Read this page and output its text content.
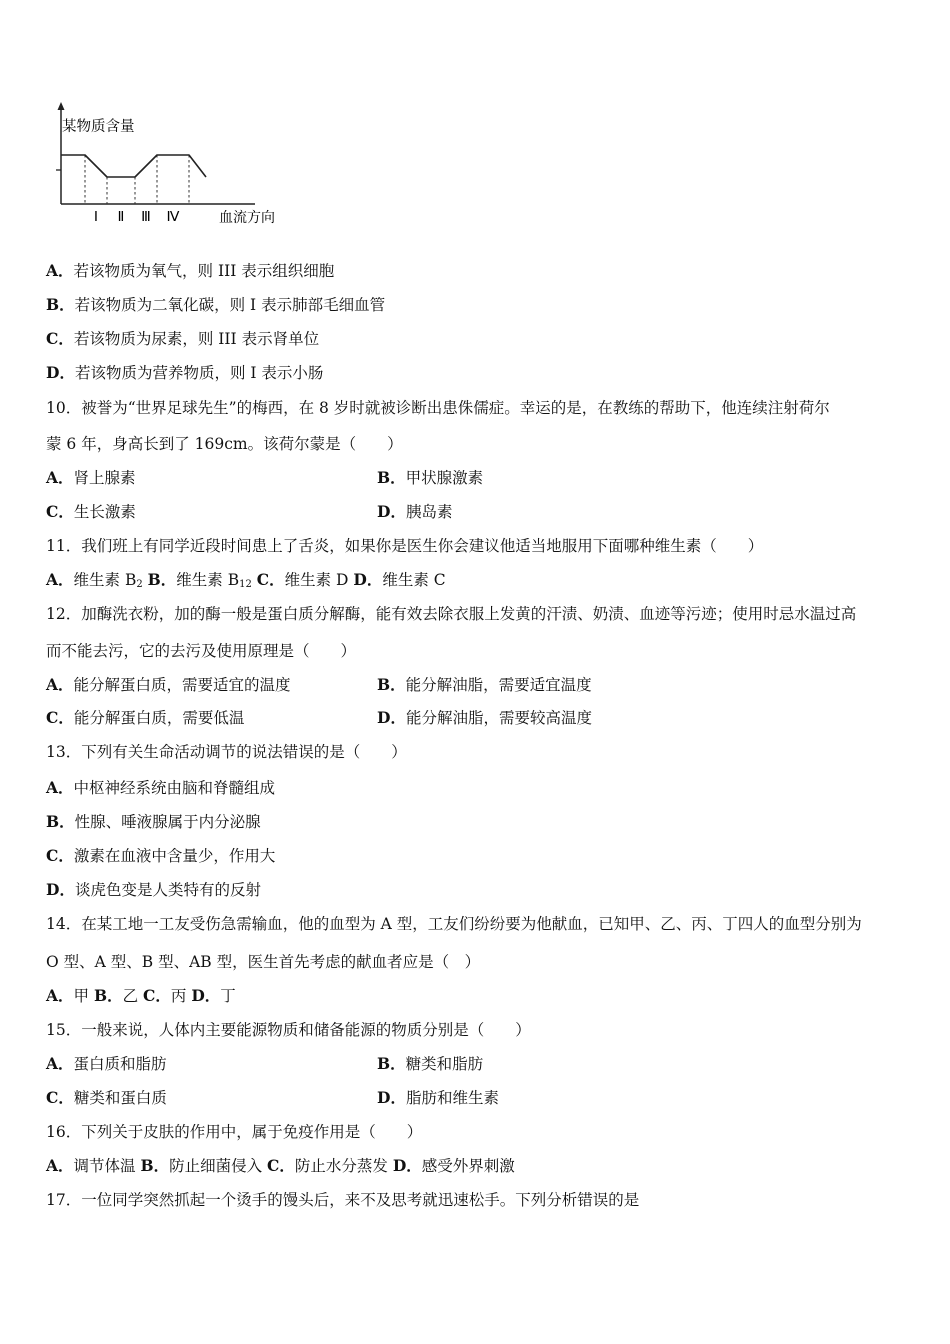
某物质含量
Ⅰ Ⅱ Ⅲ Ⅳ	血流方向
A．若该物质为氧气，则 III 表示组织细胞
B．若该物质为二氧化碳，则 I 表示肺部毛细血管
C．若该物质为尿素，则 III 表示肾单位
D．若该物质为营养物质，则 I 表示小肠
10．被誉为“世界足球先生”的梅西，在 8 岁时就被诊断出患侏儒症。幸运的是，在教练的帮助下，他连续注射荷尔
蒙 6 年，身高长到了 169cm。该荷尔蒙是（　　）
A．肾上腺素	B．甲状腺激素
C．生长激素	D．胰岛素
11．我们班上有同学近段时间患上了舌炎，如果你是医生你会建议他适当地服用下面哪种维生素（　　）
A．维生素 $B_2$ B．维生素 $B_{12}$ C．维生素 D D．维生素 C
12．加酶洗衣粉，加的酶一般是蛋白质分解酶，能有效去除衣服上发黄的汗渍、奶渍、血迹等污迹；使用时忌水温过高
而不能去污，它的去污及使用原理是（　　）
A．能分解蛋白质，需要适宜的温度	B．能分解油脂，需要适宜温度
C．能分解蛋白质，需要低温	D．能分解油脂，需要较高温度
13．下列有关生命活动调节的说法错误的是（　　）
A．中枢神经系统由脑和脊髓组成
B．性腺、唾液腺属于内分泌腺
C．激素在血液中含量少，作用大
D．谈虎色变是人类特有的反射
14．在某工地一工友受伤急需输血，他的血型为 A 型，工友们纷纷要为他献血，已知甲、乙、丙、丁四人的血型分别为
O 型、A 型、B 型、AB 型，医生首先考虑的献血者应是（　）
A．甲 B．乙 C．丙 D．丁
15．一般来说，人体内主要能源物质和储备能源的物质分别是（　　）
A．蛋白质和脂肪	B．糖类和脂肪
C．糖类和蛋白质	D．脂肪和维生素
16．下列关于皮肤的作用中，属于免疫作用是（　　）
A．调节体温 B．防止细菌侵入 C．防止水分蒸发 D．感受外界刺激
17．一位同学突然抓起一个烫手的馒头后，来不及思考就迅速松手。下列分析错误的是
